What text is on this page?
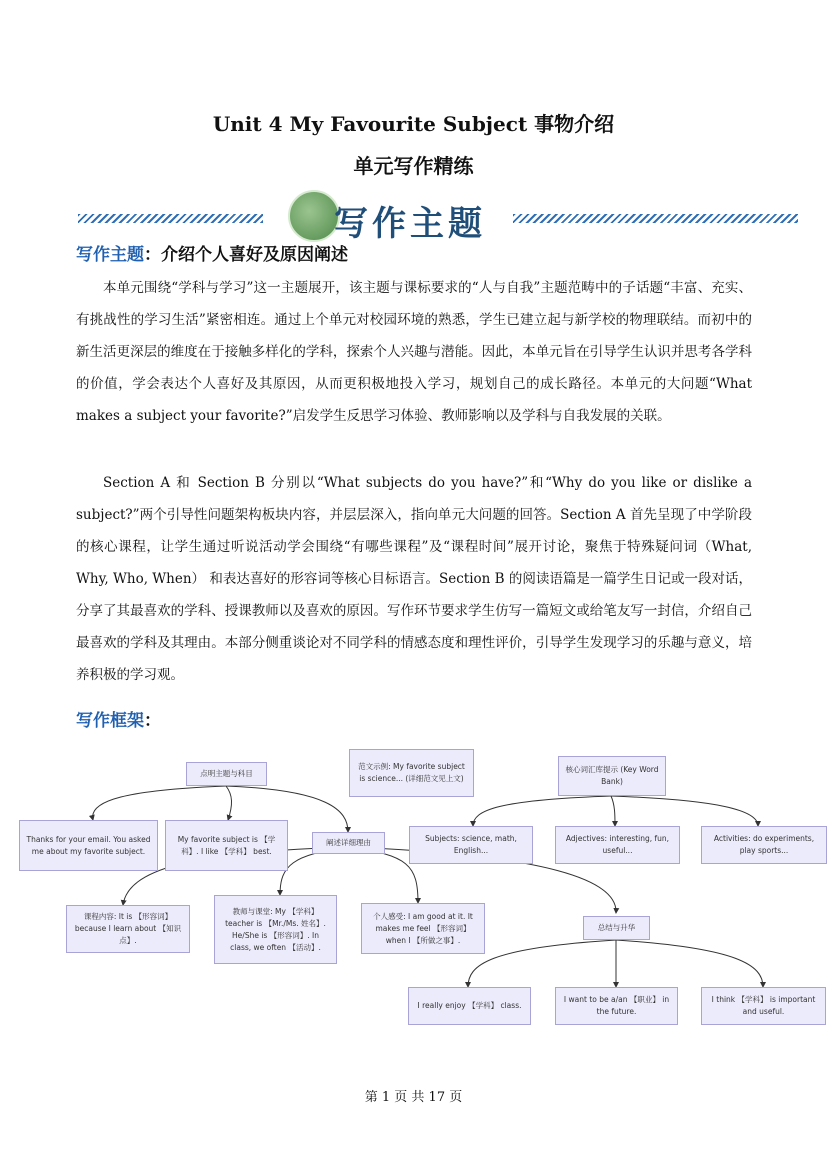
Unit 4 My Favourite Subject 事物介绍
单元写作精练
写作主题
写作主题：介绍个人喜好及原因阐述

本单元围绕“学科与学习”这一主题展开，该主题与课标要求的“人与自我”主题范畴中的子话题“丰富、充实、有挑战性的学习生活”紧密相连。通过上个单元对校园环境的熟悉，学生已建立起与新学校的物理联结。而初中的新生活更深层的维度在于接触多样化的学科，探索个人兴趣与潜能。因此，本单元旨在引导学生认识并思考各学科的价值，学会表达个人喜好及其原因，从而更积极地投入学习，规划自己的成长路径。本单元的大问题“What makes a subject your favorite?”启发学生反思学习体验、教师影响以及学科与自我发展的关联。

Section A 和 Section B 分别以“What subjects do you have?”和“Why do you like or dislike a subject?”两个引导性问题架构板块内容，并层层深入，指向单元大问题的回答。Section A 首先呈现了中学阶段的核心课程，让学生通过听说活动学会围绕“有哪些课程”及“课程时间”展开讨论，聚焦于特殊疑问词（What, Why, Who, When） 和表达喜好的形容词等核心目标语言。Section B 的阅读语篇是一篇学生日记或一段对话，分享了其最喜欢的学科、授课教师以及喜欢的原因。写作环节要求学生仿写一篇短文或给笔友写一封信，介绍自己最喜欢的学科及其理由。本部分侧重谈论对不同学科的情感态度和理性评价，引导学生发现学习的乐趣与意义，培养积极的学习观。

写作框架：
点明主题与科目
范文示例: My favorite subject is science... (详细范文见上文)
核心词汇库提示 (Key Word Bank)
Thanks for your email. You asked me about my favorite subject.
My favorite subject is 【学科】. I like 【学科】 best.
阐述详细理由	Subjects: science, math, English...
Adjectives: interesting, fun, useful...
Activities: do experiments, play sports...
课程内容: It is 【形容词】 because I learn about 【知识点】.
教师与课堂: My 【学科】 teacher is 【Mr./Ms. 姓名】. He/She is 【形容词】. In class, we often 【活动】.
个人感受: I am good at it. It makes me feel 【形容词】 when I 【所做之事】.
总结与升华
I really enjoy 【学科】 class.
I want to be a/an 【职业】 in the future.
I think 【学科】 is important and useful.
第 1 页 共 17 页
